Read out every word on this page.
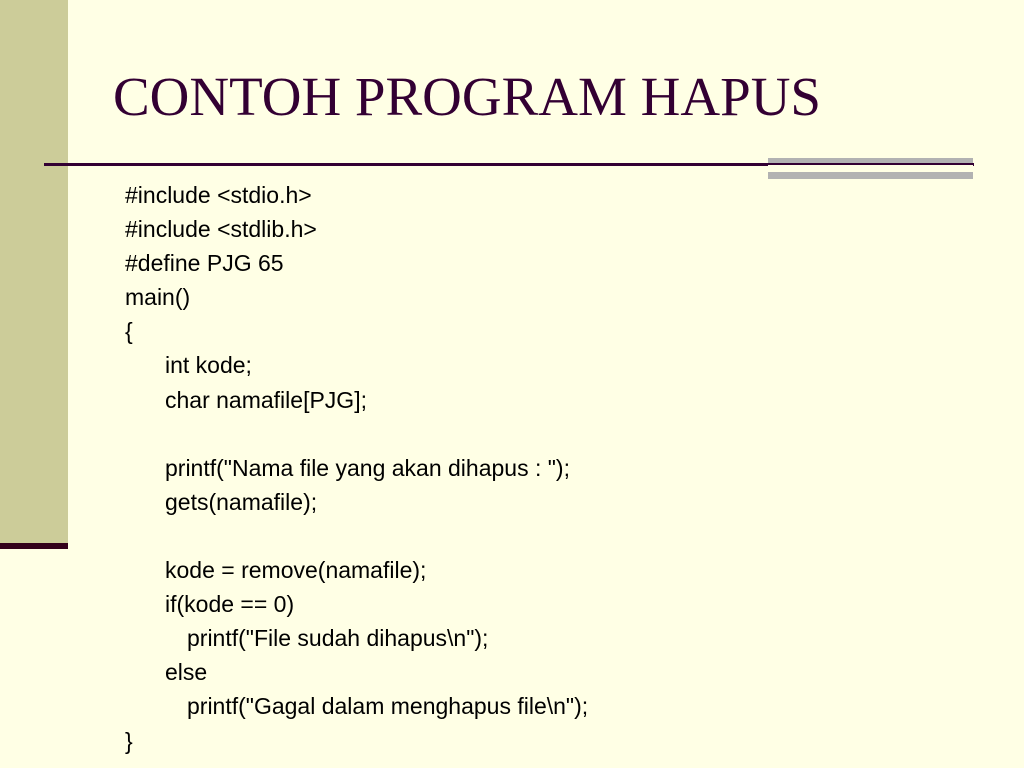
CONTOH PROGRAM HAPUS
#include <stdio.h>
#include <stdlib.h>
#define PJG 65
main()
{
int kode;
char namafile[PJG];
printf("Nama file yang akan dihapus : ");
gets(namafile);
kode = remove(namafile);
if(kode == 0)
printf("File sudah dihapus\n");
else
printf("Gagal dalam menghapus file\n");
}
